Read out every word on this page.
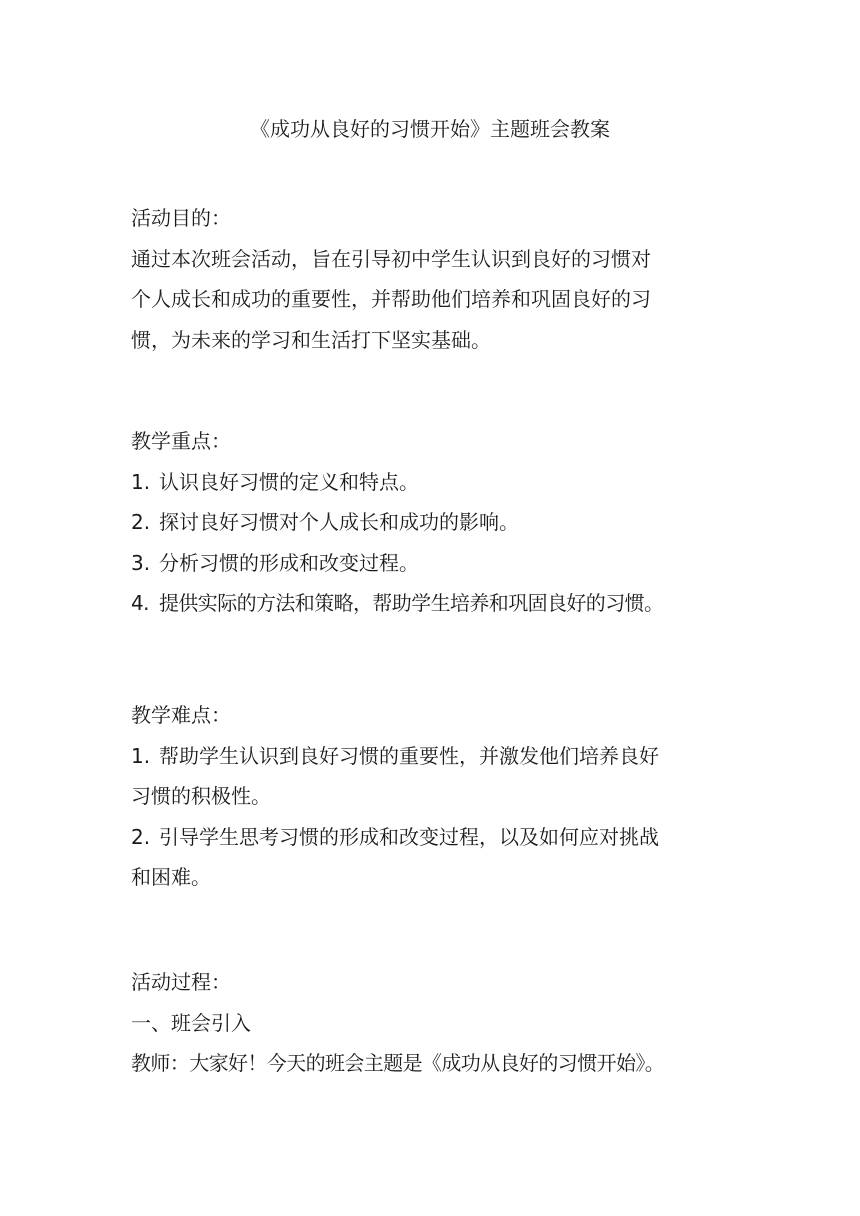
《成功从良好的习惯开始》主题班会教案
活动目的：
通过本次班会活动，旨在引导初中学生认识到良好的习惯对
个人成长和成功的重要性，并帮助他们培养和巩固良好的习
惯，为未来的学习和生活打下坚实基础。
教学重点：
1. 认识良好习惯的定义和特点。
2. 探讨良好习惯对个人成长和成功的影响。
3. 分析习惯的形成和改变过程。
4. 提供实际的方法和策略，帮助学生培养和巩固良好的习惯。
教学难点：
1. 帮助学生认识到良好习惯的重要性，并激发他们培养良好
习惯的积极性。
2. 引导学生思考习惯的形成和改变过程，以及如何应对挑战
和困难。
活动过程：
一、班会引入
教师：大家好！今天的班会主题是《成功从良好的习惯开始》。
